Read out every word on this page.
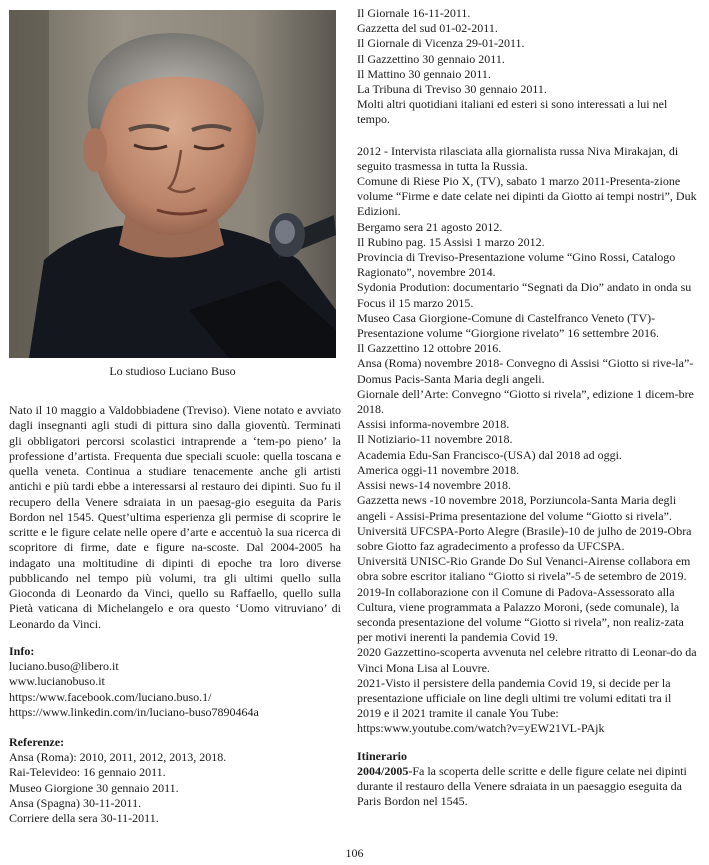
Lo studioso Luciano Buso

Nato il 10 maggio a Valdobbiadene (Treviso). Viene notato e avviato dagli insegnanti agli studi di pittura sino dalla gioventù. Terminati gli obbligatori percorsi scolastici intraprende a ‘tem-po pieno’ la professione d’artista. Frequenta due speciali scuole: quella toscana e quella veneta. Continua a studiare tenacemente anche gli artisti antichi e più tardi ebbe a interessarsi al restauro dei dipinti. Suo fu il recupero della Venere sdraiata in un paesag-gio eseguita da Paris Bordon nel 1545. Quest’ultima esperienza gli permise di scoprire le scritte e le figure celate nelle opere d’arte e accentuò la sua ricerca di scopritore di firme, date e figure na-scoste. Dal 2004-2005 ha indagato una moltitudine di dipinti di epoche tra loro diverse pubblicando nel tempo più volumi, tra gli ultimi quello sulla Gioconda di Leonardo da Vinci, quello su Raffaello, quello sulla Pietà vaticana di Michelangelo e ora questo ‘Uomo vitruviano’ di Leonardo da Vinci.

Info:
luciano.buso@libero.it
www.lucianobuso.it
https:/www.facebook.com/luciano.buso.1/
https://www.linkedin.com/in/luciano-buso7890464a
Referenze:
Ansa (Roma): 2010, 2011, 2012, 2013, 2018.
Rai-Televideo: 16 gennaio 2011.
Museo Giorgione 30 gennaio 2011.
Ansa (Spagna) 30-11-2011.
Corriere della sera 30-11-2011.

Il Giornale 16-11-2011.

Gazzetta del sud 01-02-2011.

Il Giornale di Vicenza 29-01-2011.

Il Gazzettino 30 gennaio 2011.

Il Mattino 30 gennaio 2011.

La Tribuna di Treviso 30 gennaio 2011.

Molti altri quotidiani italiani ed esteri si sono interessati a lui nel tempo.

2012 - Intervista rilasciata alla giornalista russa Niva Mirakajan, di seguito trasmessa in tutta la Russia.

Comune di Riese Pio X, (TV), sabato 1 marzo 2011-Presenta-zione volume “Firme e date celate nei dipinti da Giotto ai tempi nostri”, Duk Edizioni.

Bergamo sera 21 agosto 2012.

Il Rubino pag. 15 Assisi 1 marzo 2012.

Provincia di Treviso-Presentazione volume “Gino Rossi, Catalogo Ragionato”, novembre 2014.

Sydonia Prodution: documentario “Segnati da Dio” andato in onda su Focus il 15 marzo 2015.

Museo Casa Giorgione-Comune di Castelfranco Veneto (TV)-Presentazione volume “Giorgione rivelato” 16 settembre 2016.

Il Gazzettino 12 ottobre 2016.

Ansa (Roma) novembre 2018- Convegno di Assisi “Giotto si rive-la”-Domus Pacis-Santa Maria degli angeli.

Giornale dell’Arte: Convegno “Giotto si rivela”, edizione 1 dicem-bre 2018.

Assisi informa-novembre 2018.

Il Notiziario-11 novembre 2018.

Academia Edu-San Francisco-(USA) dal 2018 ad oggi.

America oggi-11 novembre 2018.

Assisi news-14 novembre 2018.

Gazzetta news -10 novembre 2018, Porziuncola-Santa Maria degli angeli - Assisi-Prima presentazione del volume “Giotto si rivela”.

Universitä UFCSPA-Porto Alegre (Brasile)-10 de julho de 2019-Obra sobre Giotto faz agradecimento a professo da UFCSPA.

Universitä UNISC-Rio Grande Do Sul Venanci-Airense collabora em obra sobre escritor italiano “Giotto si rivela”-5 de setembro de 2019.

2019-In collaborazione con il Comune di Padova-Assessorato alla Cultura, viene programmata a Palazzo Moroni, (sede comunale), la seconda presentazione del volume “Giotto si rivela”, non realiz-zata per motivi inerenti la pandemia Covid 19.

2020 Gazzettino-scoperta avvenuta nel celebre ritratto di Leonar-do da Vinci Mona Lisa al Louvre.

2021-Visto il persistere della pandemia Covid 19, si decide per la presentazione ufficiale on line degli ultimi tre volumi editati tra il 2019 e il 2021 tramite il canale You Tube: https:www.youtube.com/watch?v=yEW21VL-PAjk

Itinerario

2004/2005-Fa la scoperta delle scritte e delle figure celate nei dipinti durante il restauro della Venere sdraiata in un paesaggio eseguita da Paris Bordon nel 1545.

106
